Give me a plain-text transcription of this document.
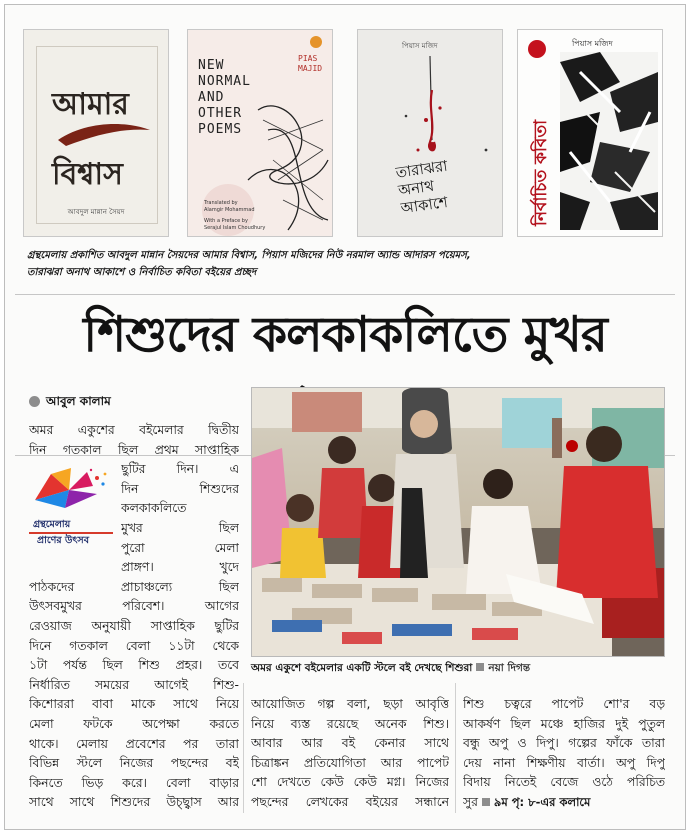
আমার
বিশ্বাস
আবদুল মান্নান সৈয়দ
PIAS
MAJID
NEW
NORMAL
AND
OTHER
POEMS
Translated by
Alamgir Mohammad
With a Preface by
Serajul Islam Choudhury
পিয়াস মজিদ
তারাঝরা
অনাথ
আকাশে	নির্বাচিত কবিতা
পিয়াস মজিদ
গ্রন্থমেলায় প্রকাশিত আবদুল মান্নান সৈয়দের আমার বিশ্বাস, পিয়াস মজিদের নিউ নরমাল অ্যান্ড আদারস পয়েমস,
তারাঝরা অনাথ আকাশে ও নির্বাচিত কবিতা বইয়ের প্রচ্ছদ
শিশুদের কলকাকলিতে মুখর
আবুল কালাম
অমর একুশের বইমেলার দ্বিতীয়
দিন গতকাল ছিল প্রথম সাপ্তাহিক
ছুটির দিন। এ
দিন শিশুদের
কলকাকলিতে
মুখর ছিল
পুরো মেলা
প্রাঙ্গণ। খুদে
পাঠকদের প্রাচাঞ্চল্যে ছিল
উৎসবমুখর পরিবেশ। আগের
রেওয়াজ অনুযায়ী সাপ্তাহিক ছুটির
দিনে গতকাল বেলা ১১টা থেকে
১টা পর্যন্ত ছিল শিশু প্রহর। তবে
নির্ধারিত সময়ের আগেই শিশু-
কিশোররা বাবা মাকে সাথে নিয়ে
মেলা ফটকে অপেক্ষা করতে
থাকে। মেলায় প্রবেশের পর তারা
বিভিন্ন স্টলে নিজের পছন্দের বই
কিনতে ভিড় করে। বেলা বাড়ার
সাথে সাথে শিশুদের উচ্ছ্বাস আর
গ্রন্থমেলায়
প্রাণের উৎসব
অমর একুশে বইমেলার একটি স্টলে বই দেখছে শিশুরা নয়া দিগন্ত
আয়োজিত গল্প বলা, ছড়া আবৃত্তি
নিয়ে ব্যস্ত রয়েছে অনেক শিশু।
আবার আর বই কেনার সাথে
চিত্রাঙ্কন প্রতিযোগিতা আর পাপেট
শো দেখতে কেউ কেউ মগ্ন। নিজের
পছন্দের লেখকের বইয়ের সন্ধানে
শিশু চত্বরে পাপেট শো'র বড়
আকর্ষণ ছিল মঞ্চে হাজির দুই পুতুল
বন্ধু অপু ও দিপু। গল্পের ফাঁকে তারা
দেয় নানা শিক্ষণীয় বার্তা। অপু দিপু
বিদায় নিতেই বেজে ওঠে পরিচিত
সুর ৯ম পৃ: ৮-এর কলামে
